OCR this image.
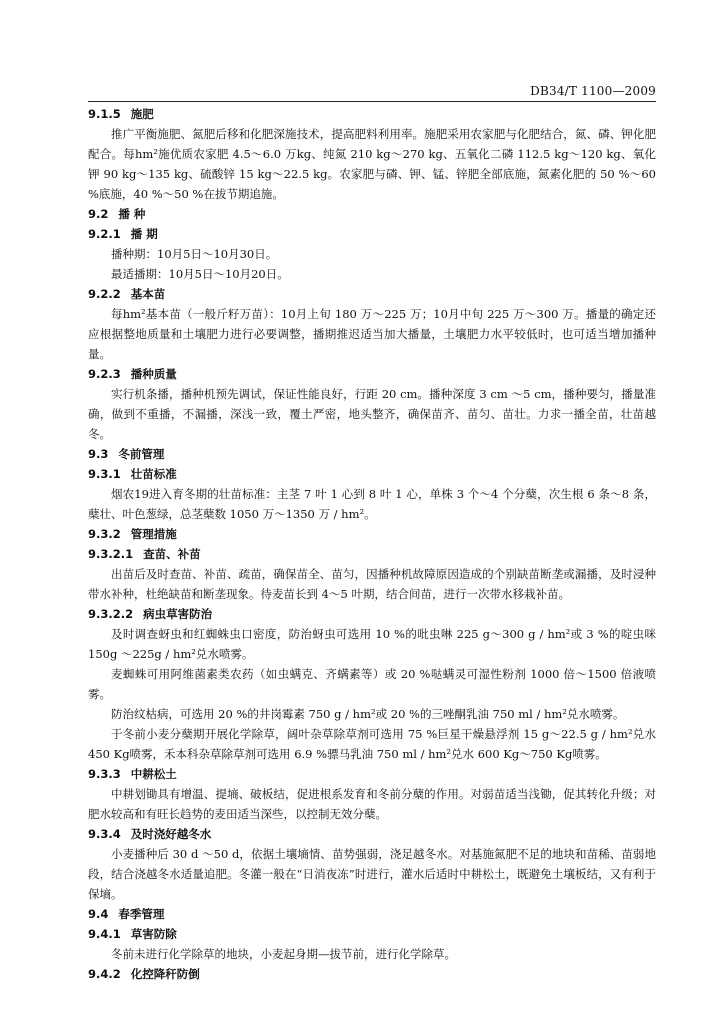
DB34/T 1100—2009
9.1.5 施肥

推广平衡施肥、氮肥后移和化肥深施技术，提高肥料利用率。施肥采用农家肥与化肥结合，氮、磷、钾化肥配合。每hm²施优质农家肥 4.5～6.0 万kg、纯氮 210 kg～270 kg、五氧化二磷 112.5 kg～120 kg、氧化钾 90 kg～135 kg、硫酸锌 15 kg～22.5 kg。农家肥与磷、钾、锰、锌肥全部底施，氮素化肥的 50 %～60 %底施，40 %～50 %在拔节期追施。

9.2 播 种
9.2.1 播 期

播种期：10月5日～10月30日。

最适播期：10月5日～10月20日。

9.2.2 基本苗

每hm²基本苗（一般斤籽万苗）：10月上旬 180 万～225 万；10月中旬 225 万～300 万。播量的确定还应根据整地质量和土壤肥力进行必要调整，播期推迟适当加大播量，土壤肥力水平较低时，也可适当增加播种量。

9.2.3 播种质量

实行机条播，播种机预先调试，保证性能良好，行距 20 cm。播种深度 3 cm ～5 cm，播种要匀，播量准确，做到不重播，不漏播，深浅一致，覆土严密，地头整齐，确保苗齐、苗匀、苗壮。力求一播全苗，壮苗越冬。

9.3 冬前管理
9.3.1 壮苗标准

烟农19进入育冬期的壮苗标准：主茎 7 叶 1 心到 8 叶 1 心，单株 3 个～4 个分蘖，次生根 6 条～8 条，蘖壮、叶色葱绿，总茎蘖数 1050 万～1350 万 / hm²。

9.3.2 管理措施
9.3.2.1 查苗、补苗

出苗后及时查苗、补苗、疏苗，确保苗全、苗匀，因播种机故障原因造成的个别缺苗断垄或漏播，及时浸种带水补种，杜绝缺苗和断垄现象。待麦苗长到 4～5 叶期，结合间苗，进行一次带水移栽补苗。

9.3.2.2 病虫草害防治

及时调查蚜虫和红蜘蛛虫口密度，防治蚜虫可选用 10 %的吡虫啉 225 g～300 g / hm²或 3 %的啶虫咪 150g ～225g / hm²兑水喷雾。

麦蜘蛛可用阿维菌素类农药（如虫螨克、齐螨素等）或 20 %哒螨灵可湿性粉剂 1000 倍～1500 倍液喷雾。

防治纹枯病，可选用 20 %的井岗霉素 750 g / hm²或 20 %的三唑酮乳油 750 ml / hm²兑水喷雾。

于冬前小麦分蘖期开展化学除草，阔叶杂草除草剂可选用 75 %巨星干燥悬浮剂 15 g～22.5 g / hm²兑水 450 Kg喷雾，禾本科杂草除草剂可选用 6.9 %骠马乳油 750 ml / hm²兑水 600 Kg～750 Kg喷雾。

9.3.3 中耕松土

中耕划锄具有增温、提墒、破板结，促进根系发育和冬前分蘖的作用。对弱苗适当浅锄，促其转化升级；对肥水较高和有旺长趋势的麦田适当深些，以控制无效分蘖。

9.3.4 及时浇好越冬水

小麦播种后 30 d ～50 d，依据土壤墒情、苗势强弱，浇足越冬水。对基施氮肥不足的地块和苗稀、苗弱地段，结合浇越冬水适量追肥。冬灌一般在“日消夜冻”时进行，灌水后适时中耕松土，既避免土壤板结，又有利于保墒。

9.4 春季管理
9.4.1 草害防除

冬前未进行化学除草的地块，小麦起身期—拔节前，进行化学除草。

9.4.2 化控降秆防倒
